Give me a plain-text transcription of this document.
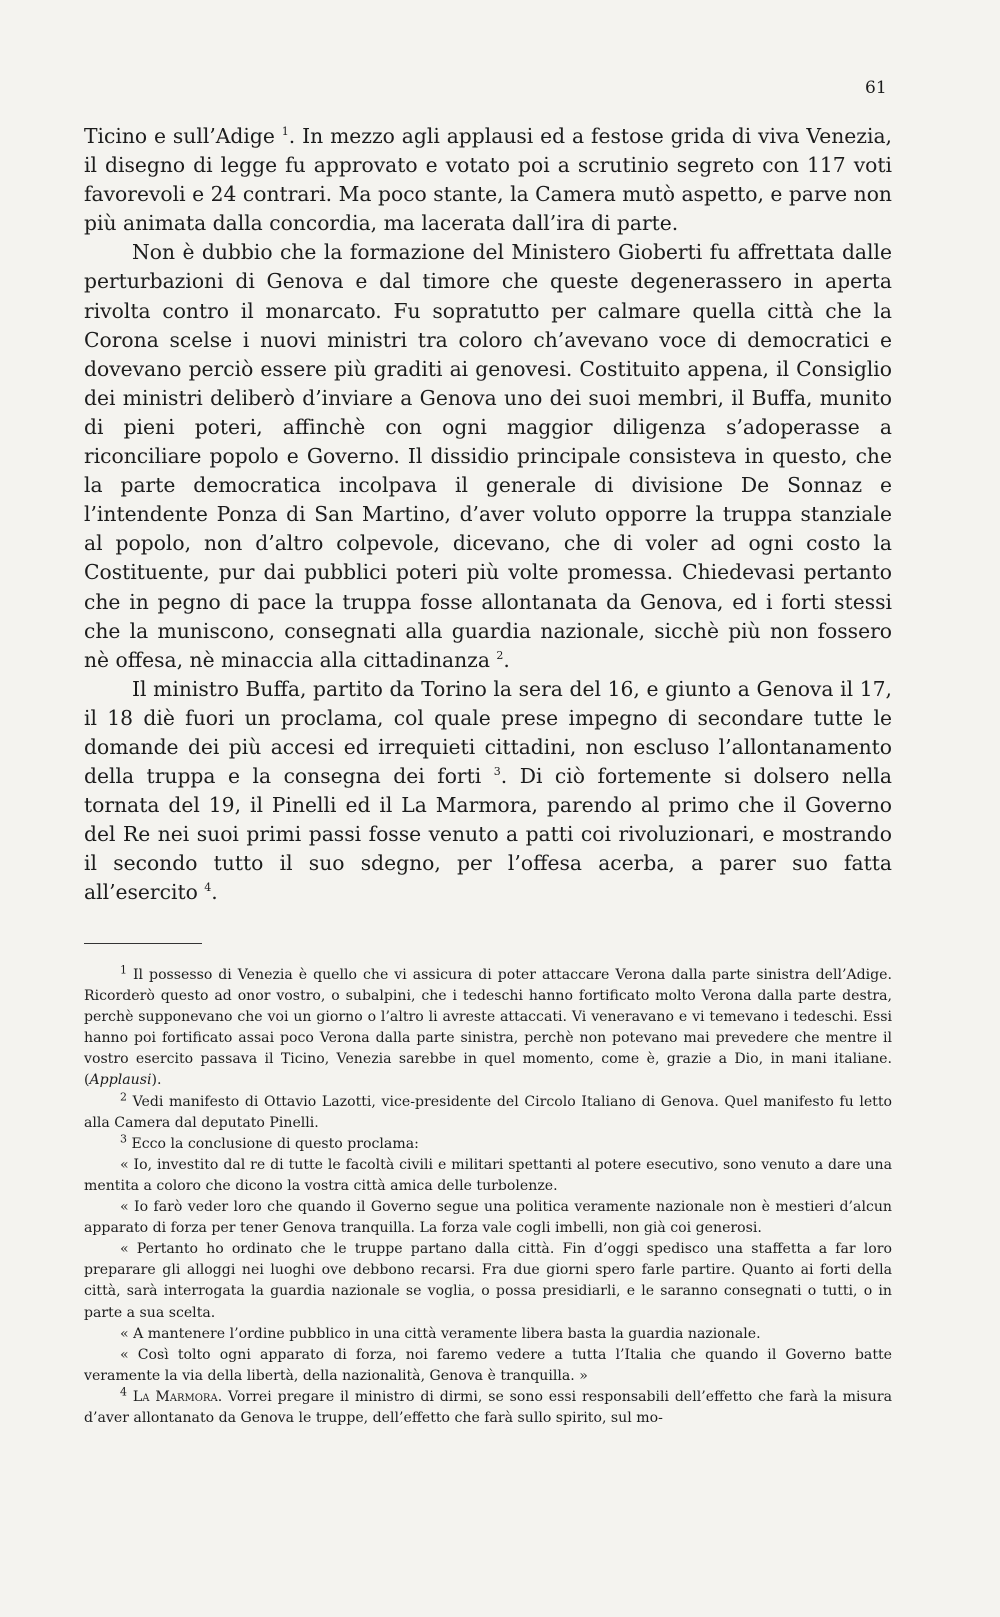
61

Ticino e sull’Adige $^1$. In mezzo agli applausi ed a festose grida di viva Venezia, il disegno di legge fu approvato e votato poi a scrutinio segreto con 117 voti favorevoli e 24 contrari. Ma poco stante, la Camera mutò aspetto, e parve non più animata dalla concordia, ma lacerata dall’ira di parte.

Non è dubbio che la formazione del Ministero Gioberti fu affrettata dalle perturbazioni di Genova e dal timore che queste degenerassero in aperta rivolta contro il monarcato. Fu sopratutto per calmare quella città che la Corona scelse i nuovi ministri tra coloro ch’avevano voce di democratici e dovevano perciò essere più graditi ai genovesi. Costituito appena, il Consiglio dei ministri deliberò d’inviare a Genova uno dei suoi membri, il Buffa, munito di pieni poteri, affinchè con ogni maggior diligenza s’adoperasse a riconciliare popolo e Governo. Il dissidio principale consisteva in questo, che la parte democratica incolpava il generale di divisione De Sonnaz e l’intendente Ponza di San Martino, d’aver voluto opporre la truppa stanziale al popolo, non d’altro colpevole, dicevano, che di voler ad ogni costo la Costituente, pur dai pubblici poteri più volte promessa. Chiedevasi pertanto che in pegno di pace la truppa fosse allontanata da Genova, ed i forti stessi che la muniscono, consegnati alla guardia nazionale, sicchè più non fossero nè offesa, nè minaccia alla cittadinanza $^2$.

Il ministro Buffa, partito da Torino la sera del 16, e giunto a Genova il 17, il 18 diè fuori un proclama, col quale prese impegno di secondare tutte le domande dei più accesi ed irrequieti cittadini, non escluso l’allontanamento della truppa e la consegna dei forti $^3$. Di ciò fortemente si dolsero nella tornata del 19, il Pinelli ed il La Marmora, parendo al primo che il Governo del Re nei suoi primi passi fosse venuto a patti coi rivoluzionari, e mostrando il secondo tutto il suo sdegno, per l’offesa acerba, a parer suo fatta all’esercito $^4$.

$^1$ Il possesso di Venezia è quello che vi assicura di poter attaccare Verona dalla parte sinistra dell’Adige. Ricorderò questo ad onor vostro, o subalpini, che i tedeschi hanno fortificato molto Verona dalla parte destra, perchè supponevano che voi un giorno o l’altro li avreste attaccati. Vi veneravano e vi temevano i tedeschi. Essi hanno poi fortificato assai poco Verona dalla parte sinistra, perchè non potevano mai prevedere che mentre il vostro esercito passava il Ticino, Venezia sarebbe in quel momento, come è, grazie a Dio, in mani italiane. (Applausi).

$^2$ Vedi manifesto di Ottavio Lazotti, vice-presidente del Circolo Italiano di Genova. Quel manifesto fu letto alla Camera dal deputato Pinelli.

$^3$ Ecco la conclusione di questo proclama:

« Io, investito dal re di tutte le facoltà civili e militari spettanti al potere esecutivo, sono venuto a dare una mentita a coloro che dicono la vostra città amica delle turbolenze.

« Io farò veder loro che quando il Governo segue una politica veramente nazionale non è mestieri d’alcun apparato di forza per tener Genova tranquilla. La forza vale cogli imbelli, non già coi generosi.

« Pertanto ho ordinato che le truppe partano dalla città. Fin d’oggi spedisco una staffetta a far loro preparare gli alloggi nei luoghi ove debbono recarsi. Fra due giorni spero farle partire. Quanto ai forti della città, sarà interrogata la guardia nazionale se voglia, o possa presidiarli, e le saranno consegnati o tutti, o in parte a sua scelta.

« A mantenere l’ordine pubblico in una città veramente libera basta la guardia nazionale.

« Così tolto ogni apparato di forza, noi faremo vedere a tutta l’Italia che quando il Governo batte veramente la via della libertà, della nazionalità, Genova è tranquilla. »

$^4$ La Marmora. Vorrei pregare il ministro di dirmi, se sono essi responsabili dell’effetto che farà la misura d’aver allontanato da Genova le truppe, dell’effetto che farà sullo spirito, sul mo-
